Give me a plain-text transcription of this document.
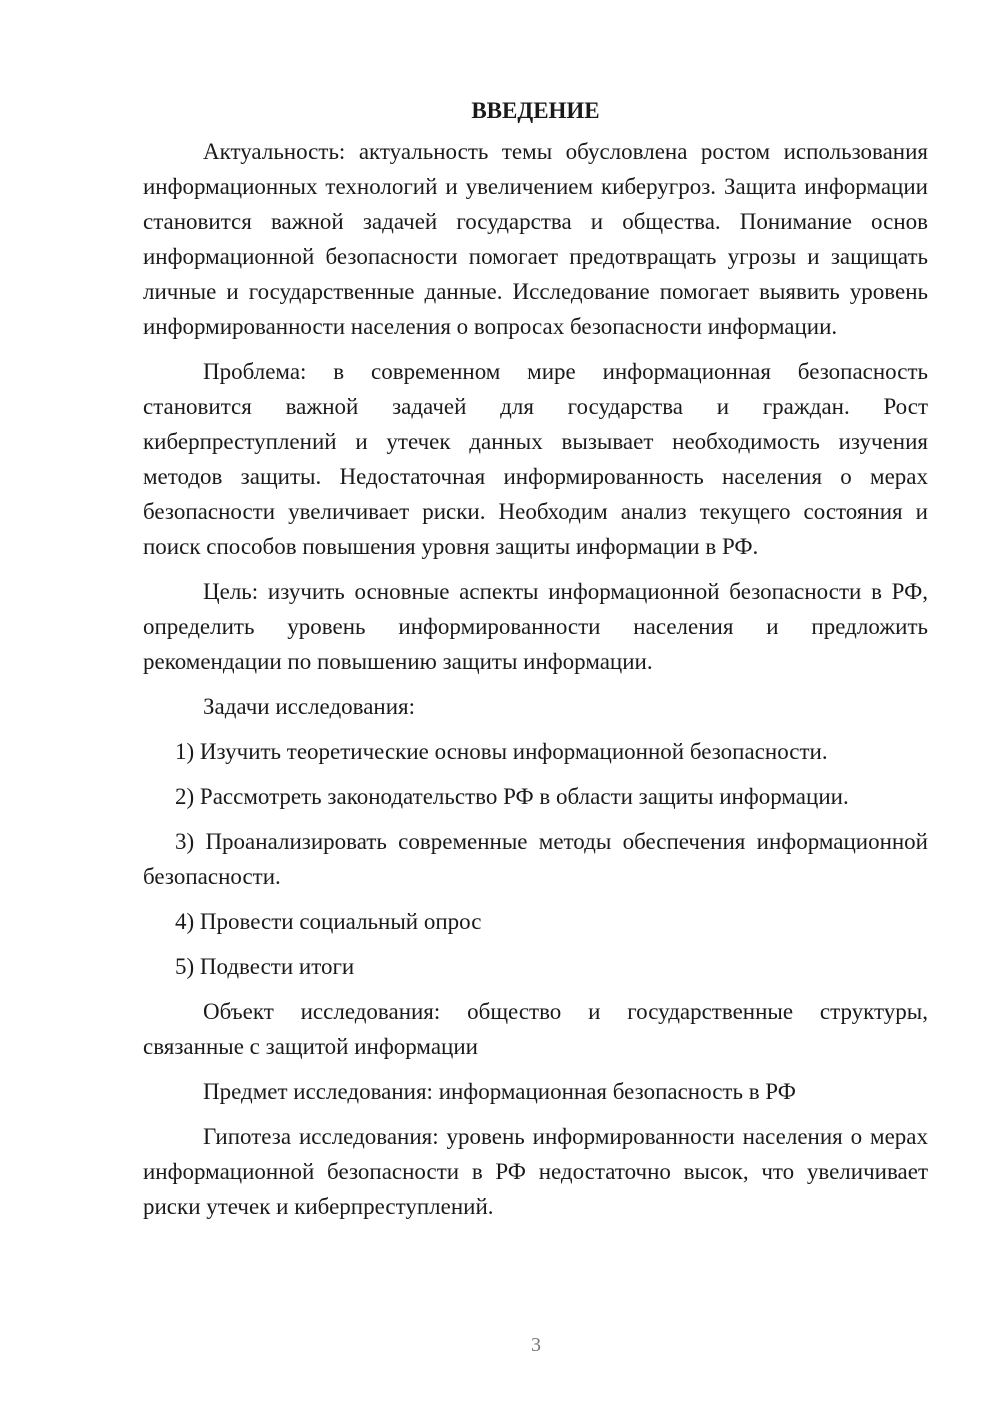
ВВЕДЕНИЕ

Актуальность: актуальность темы обусловлена ростом использования информационных технологий и увеличением киберугроз. Защита информации становится важной задачей государства и общества. Понимание основ информационной безопасности помогает предотвращать угрозы и защищать личные и государственные данные. Исследование помогает выявить уровень информированности населения о вопросах безопасности информации.

Проблема: в современном мире информационная безопасность становится важной задачей для государства и граждан. Рост киберпреступлений и утечек данных вызывает необходимость изучения методов защиты. Недостаточная информированность населения о мерах безопасности увеличивает риски. Необходим анализ текущего состояния и поиск способов повышения уровня защиты информации в РФ.

Цель: изучить основные аспекты информационной безопасности в РФ, определить уровень информированности населения и предложить рекомендации по повышению защиты информации.

Задачи исследования:

1) Изучить теоретические основы информационной безопасности.

2) Рассмотреть законодательство РФ в области защиты информации.

3) Проанализировать современные методы обеспечения информационной безопасности.

4) Провести социальный опрос

5) Подвести итоги

Объект исследования: общество и государственные структуры, связанные с защитой информации

Предмет исследования: информационная безопасность в РФ

Гипотеза исследования: уровень информированности населения о мерах информационной безопасности в РФ недостаточно высок, что увеличивает риски утечек и киберпреступлений.

3
